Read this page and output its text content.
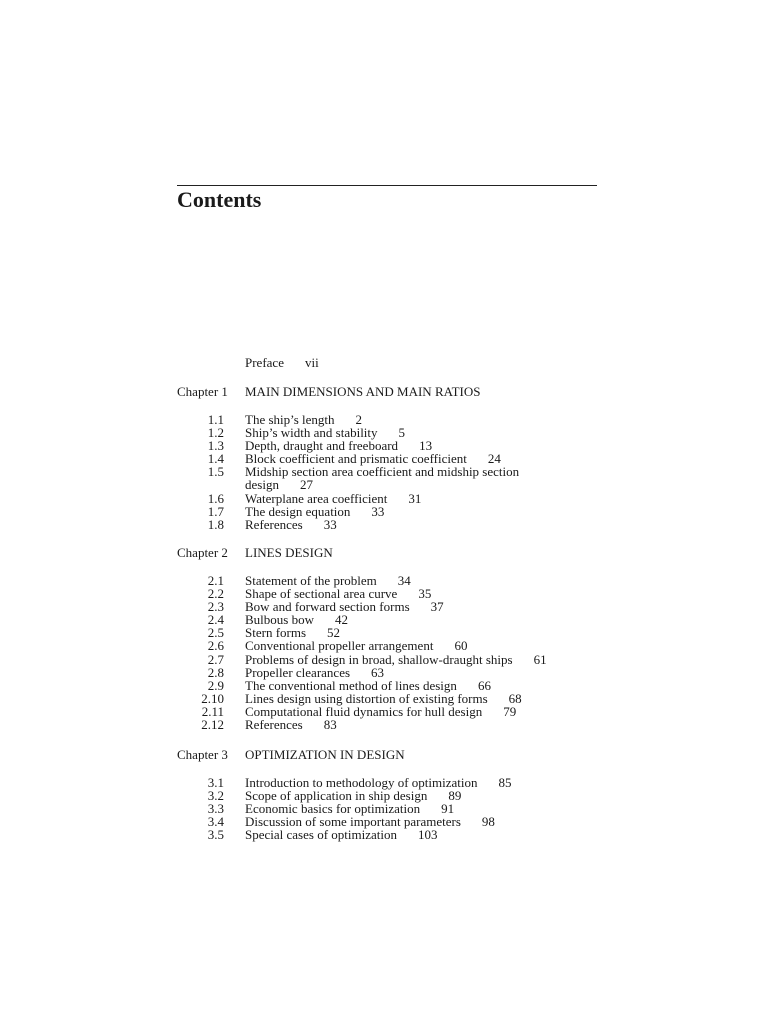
Contents
Preface vii
Chapter 1	MAIN DIMENSIONS AND MAIN RATIOS
1.1	The ship’s length 2
1.2	Ship’s width and stability 5
1.3	Depth, draught and freeboard 13
1.4	Block coefficient and prismatic coefficient 24
1.5	Midship section area coefficient and midship section design 27
1.6	Waterplane area coefficient 31
1.7	The design equation 33
1.8	References 33
Chapter 2	LINES DESIGN
2.1	Statement of the problem 34
2.2	Shape of sectional area curve 35
2.3	Bow and forward section forms 37
2.4	Bulbous bow 42
2.5	Stern forms 52
2.6	Conventional propeller arrangement 60
2.7	Problems of design in broad, shallow-draught ships 61
2.8	Propeller clearances 63
2.9	The conventional method of lines design 66
2.10	Lines design using distortion of existing forms 68
2.11	Computational fluid dynamics for hull design 79
2.12	References 83
Chapter 3	OPTIMIZATION IN DESIGN
3.1	Introduction to methodology of optimization 85
3.2	Scope of application in ship design 89
3.3	Economic basics for optimization 91
3.4	Discussion of some important parameters 98
3.5	Special cases of optimization 103
